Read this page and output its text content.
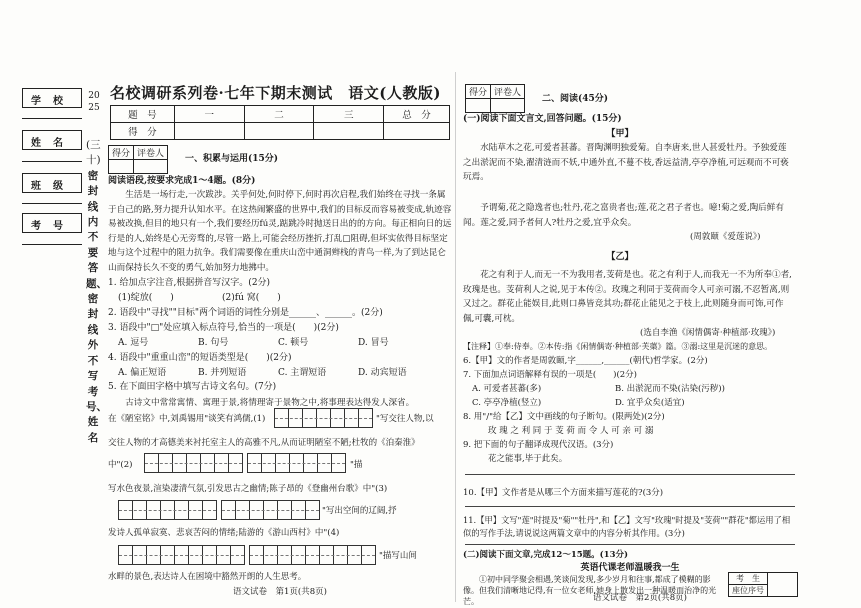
学　校
姓　名
班　级
考　号
2025
(三十)
密封线内不要答题、密封线外不写考号、姓名
名校调研系列卷·七年下期末测试　语文(人教版)
题　号	一	二	三	总　分
得　分				
得分	评卷人
	一、积累与运用(15分)
阅读语段,按要求完成1～4题。(8分)
生活是一场行走,一次跋涉。关乎何处,何时停下,何时再次启程,我们始终在寻找一条属于自己的路,努力提升认知水平。在这热闹繁盛的世界中,我们的目标反而容易被变成,轨迹容易被改换,但目的地只有一个,我们要经历fú灵,踮跳冷时抛送日出的的方向。每正相向日的远行是的人,始终是心无旁骛的,尽管一路上,可能会经历挫折,打乱□阻碍,但坏实依得目标坚定地与这个过程中的阻力抗争。我们需要像在重庆山峦中通洞辫栈的青鸟一样,为了到达昆仑山而保持长久不变的勇气,始加努力地拂中。
1. 给加点字注音,根据拼音写汉字。(2分)
(1)绽放(　　)	(2)fú 窝(　　)
2. 语段中"寻找""目标"两个词语的词性分别是______、______。(2分)
3. 语段中"□"处应填入标点符号,恰当的一项是(　　)(2分)
A. 逗号	B. 句号	C. 顿号	D. 冒号
4. 语段中"重重山峦"的短语类型是(　　)(2分)
A. 偏正短语	B. 并列短语	C. 主谓短语	D. 动宾短语
5. 在下面田字格中填写古诗文名句。(7分)
古诗文中常常寓情、寓理于景,将情理寄于景物之中,将事理表达得发人深省。
在《陋室铭》中,刘禹锡用"谈笑有鸿儒,(1)	"写交往人物,以
交往人物的才高德美来衬托室主人的高雅不凡,从而证明陋室不陋;杜牧的《泊秦淮》
中"(2)	"描
写水色夜景,渲染凄清气氛,引发思古之幽情;陈子昂的《登幽州台歌》中"(3)
"写出空间的辽阔,抒
发诗人孤单寂寞、悲哀苦闷的情绪;陆游的《游山西村》中"(4)
"描写山间
水畔的景色,表达诗人在困境中豁然开朗的人生思考。
语文试卷　第1页(共8页)
得分	评卷人

二、阅读(45分)
(一)阅读下面文言文,回答问题。(15分)
【甲】
水陆草木之花,可爱者甚蕃。晋陶渊明独爱菊。自李唐来,世人甚爱牡丹。予独爱莲之出淤泥而不染,濯清涟而不妖,中通外直,不蔓不枝,香远益清,亭亭净植,可远观而不可亵玩焉。
予谓菊,花之隐逸者也;牡丹,花之富贵者也;莲,花之君子者也。噫!菊之爱,陶后鲜有闻。莲之爱,同予者何人?牡丹之爱,宜乎众矣。
(周敦颐《爱莲说》)
【乙】
花之有利于人,而无一不为我用者,芰荷是也。花之有利于人,而我无一不为所奉①者,玫瑰是也。芰荷利人之说,见于本传②。玫瑰之利同于芰荷而令人可亲可溺,不忍暂离,则又过之。群花止能娱目,此则口鼻皆竞其功;群花止能见之于枝上,此则随身而可饰,可作佩,可囊,可枕。
(选自李渔《闲情偶寄·种植部·玫瑰》)
【注释】①奉:侍奉。②本传:指《闲情偶寄·种植部·芙蕖》篇。③溺:这里是沉迷的意思。
6.【甲】文的作者是周敦颐,字______,______(朝代)哲学家。(2分)
7. 下面加点词语解释有误的一项是(　　)(2分)
A. 可爱者甚蕃(多)	B. 出淤泥而不染(沾染(污秽))
C. 亭亭净植(竖立)	D. 宜乎众矣(适宜)
8. 用"/"给【乙】文中画线的句子断句。(限两处)(2分)
玫 瑰 之 利 同 于 芰 荷 而 令 人 可 亲 可 溺
9. 把下面的句子翻译成现代汉语。(3分)
花之能事,毕于此矣。
10.【甲】文作者是从哪三个方面来描写莲花的?(3分)
11.【甲】文写"莲"时提及"菊""牡丹",和【乙】文写"玫瑰"时提及"芰荷""群花"都运用了相似的写作手法,请说说这两篇文章中的内容分析其作用。(3分)
(二)阅读下面文章,完成12～15题。(13分)
英语代课老师温暖我一生
①初中同学聚会相遇,笑谈间发现,多少岁月和往事,都成了模糊的影像。但我们清晰地记得,有一位女老师,她身上散发出一种温暖而治净的光芒。
考　生	
座位序号
语文试卷　第2页(共8页)
